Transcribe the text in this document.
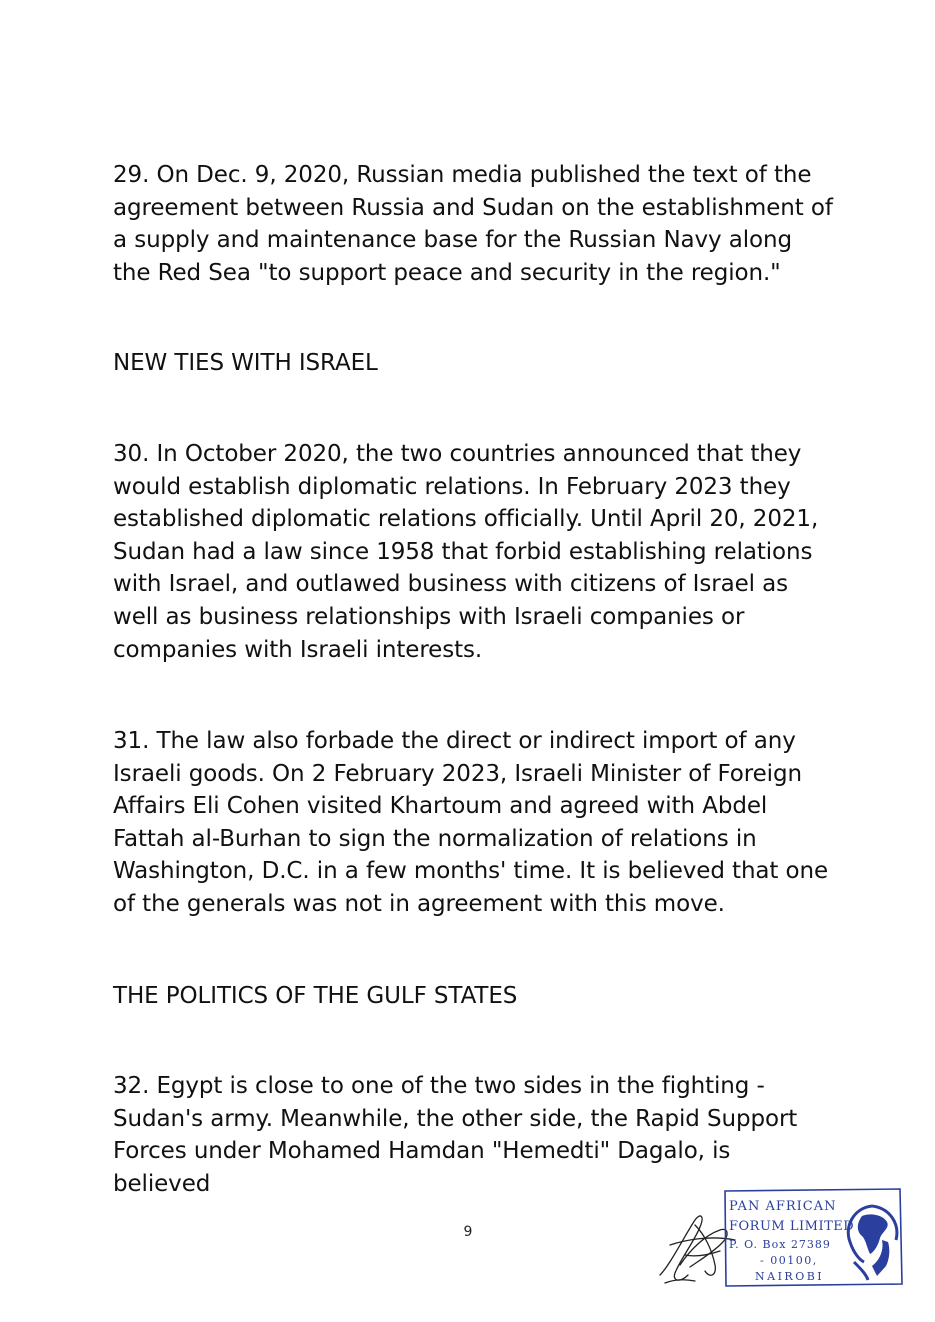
29. On Dec. 9, 2020, Russian media published the text of the agreement between Russia and Sudan on the establishment of a supply and maintenance base for the Russian Navy along the Red Sea "to support peace and security in the region."

NEW TIES WITH ISRAEL

30. In October 2020, the two countries announced that they would establish diplomatic relations. In February 2023 they established diplomatic relations officially. Until April 20, 2021, Sudan had a law since 1958 that forbid establishing relations with Israel, and outlawed business with citizens of Israel as well as business relationships with Israeli companies or companies with Israeli interests.

31. The law also forbade the direct or indirect import of any Israeli goods. On 2 February 2023, Israeli Minister of Foreign Affairs Eli Cohen visited Khartoum and agreed with Abdel Fattah al-Burhan to sign the normalization of relations in Washington, D.C. in a few months' time. It is believed that one of the generals was not in agreement with this move.

THE POLITICS OF THE GULF STATES

32. Egypt is close to one of the two sides in the fighting - Sudan's army. Meanwhile, the other side, the Rapid Support Forces under Mohamed Hamdan "Hemedti" Dagalo, is believed

9
PAN AFRICAN
FORUM LIMITED
P. O. Box 27389
- 00100,
NAIROBI
